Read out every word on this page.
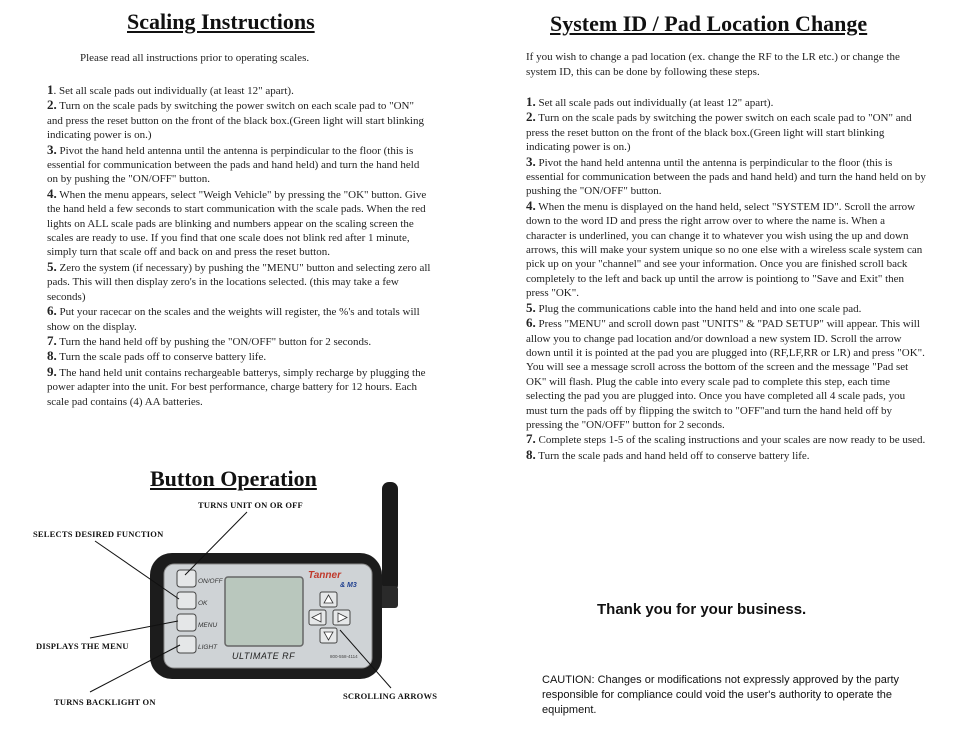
Scaling Instructions
Please read all instructions prior to operating scales.
1. Set all scale pads out individually (at least 12" apart).
2. Turn on the scale pads by switching the power switch on each scale pad to "ON" and press the reset button on the front of the black box.(Green light will start blinking indicating power is on.)
3. Pivot the hand held antenna until the antenna is perpindicular to the floor (this is essential for communication between the pads and hand held) and turn the hand held on by pushing the "ON/OFF" button.
4. When the menu appears, select "Weigh Vehicle" by pressing the "OK" button. Give the hand held a few seconds to start communication with the scale pads. When the red lights on ALL scale pads are blinking and numbers appear on the scaling screen the scales are ready to use. If you find that one scale does not blink red after 1 minute, simply turn that scale off and back on and press the reset button.
5. Zero the system (if necessary) by pushing the "MENU" button and selecting zero all pads. This will then display zero's in the locations selected. (this may take a few seconds)
6. Put your racecar on the scales and the weights will register, the %'s and totals will show on the display.
7. Turn the hand held off by pushing the "ON/OFF" button for 2 seconds.
8. Turn the scale pads off to conserve battery life.
9. The hand held unit contains rechargeable batterys, simply recharge by plugging the power adapter into the unit. For best performance, charge battery for 12 hours. Each scale pad contains (4) AA batteries.
Button Operation
ON/OFF
OK
MENU
LIGHT
Tanner
& M3
ULTIMATE RF	800-558-4114
TURNS UNIT ON OR OFF
SELECTS DESIRED FUNCTION
DISPLAYS THE MENU
TURNS BACKLIGHT ON
SCROLLING ARROWS
System ID / Pad Location Change
If you wish to change a pad location (ex. change the RF to the LR etc.) or change the system ID, this can be done by following these steps.
1. Set all scale pads out individually (at least 12" apart).
2. Turn on the scale pads by switching the power switch on each scale pad to "ON" and press the reset button on the front of the black box.(Green light will start blinking indicating power is on.)
3. Pivot the hand held antenna until the antenna is perpindicular to the floor (this is essential for communication between the pads and hand held) and turn the hand held on by pushing the "ON/OFF" button.
4. When the menu is displayed on the hand held, select "SYSTEM ID". Scroll the arrow down to the word ID and press the right arrow over to where the name is. When a character is underlined, you can change it to whatever you wish using the up and down arrows, this will make your system unique so no one else with a wireless scale system can pick up on your "channel" and see your information. Once you are finished scroll back completely to the left and back up until the arrow is pointiong to "Save and Exit" then press "OK".
5. Plug the communications cable into the hand held and into one scale pad.
6. Press "MENU" and scroll down past "UNITS" & "PAD SETUP" will appear. This will allow you to change pad location and/or download a new system ID. Scroll the arrow down until it is pointed at the pad you are plugged into (RF,LF,RR or LR) and press "OK". You will see a message scroll across the bottom of the screen and the message "Pad set OK" will flash. Plug the cable into every scale pad to complete this step, each time selecting the pad you are plugged into. Once you have completed all 4 scale pads, you must turn the pads off by flipping the switch to "OFF"and turn the hand held off by pressing the "ON/OFF" button for 2 seconds.
7. Complete steps 1-5 of the scaling instructions and your scales are now ready to be used.
8. Turn the scale pads and hand held off to conserve battery life.
Thank you for your business.
CAUTION: Changes or modifications not expressly approved by the party responsible for compliance could void the user's authority to operate the equipment.
